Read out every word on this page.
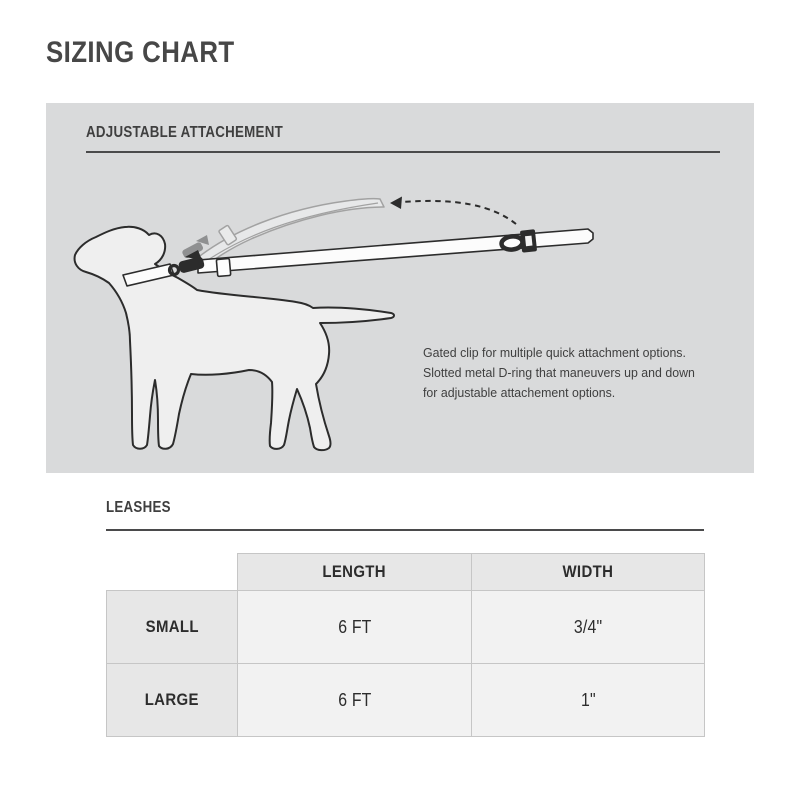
SIZING CHART
ADJUSTABLE ATTACHEMENT
Gated clip for multiple quick attachment options.
Slotted metal D-ring that maneuvers up and down
for adjustable attachement options.
LEASHES
	LENGTH	WIDTH
SMALL	6 FT	3/4"
LARGE	6 FT	1"
